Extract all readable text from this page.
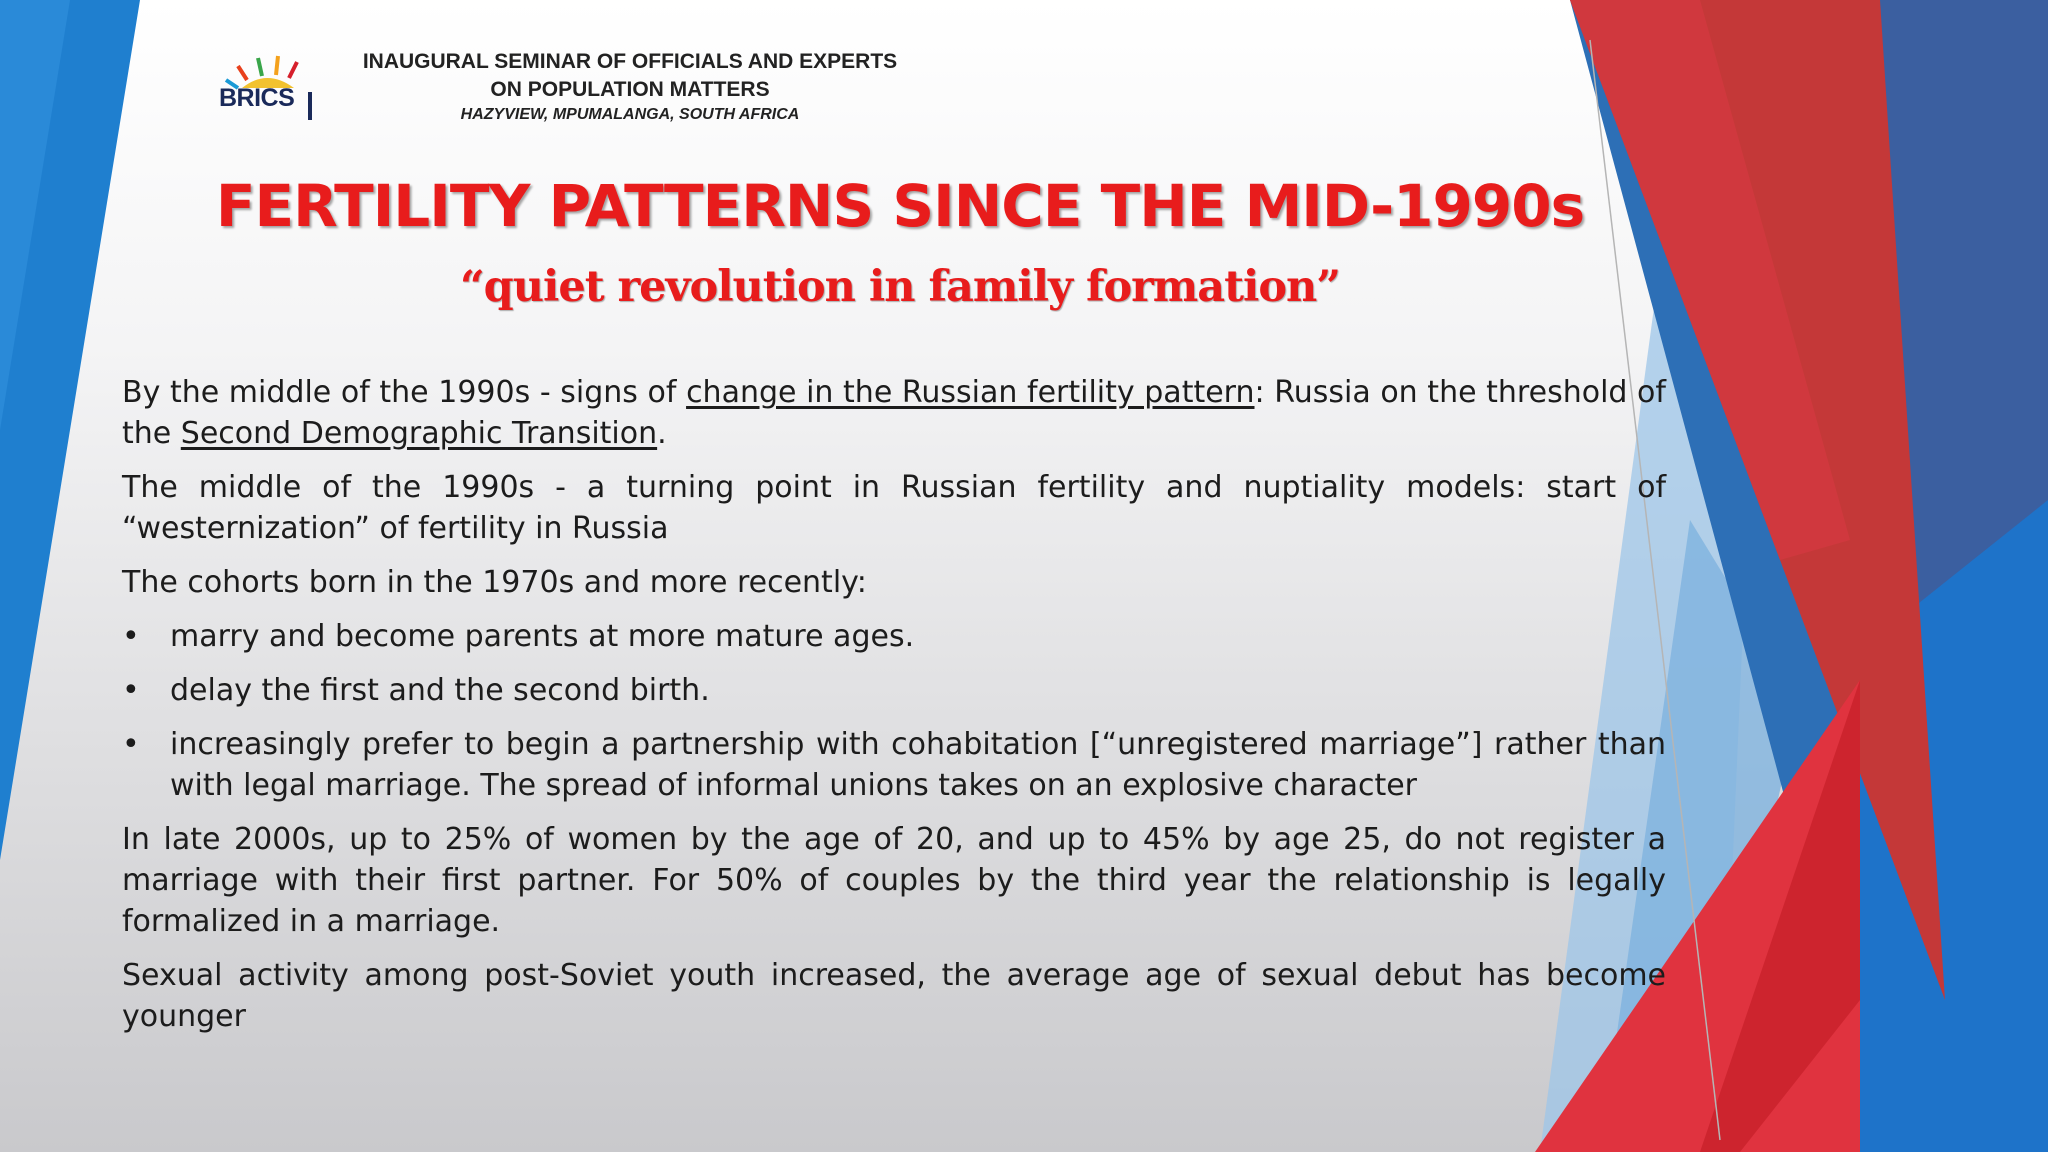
BRICS
INAUGURAL SEMINAR OF OFFICIALS AND EXPERTS
ON POPULATION MATTERS
HAZYVIEW, MPUMALANGA, SOUTH AFRICA
FERTILITY PATTERNS SINCE THE MID-1990s
“quiet revolution in family formation”

By the middle of the 1990s - signs of change in the Russian fertility pattern: Russia on the threshold of the Second Demographic Transition.

The middle of the 1990s - a turning point in Russian fertility and nuptiality models: start of “westernization” of fertility in Russia

The cohorts born in the 1970s and more recently:

• marry and become parents at more mature ages.
• delay the first and the second birth.
• increasingly prefer to begin a partnership with cohabitation [“unregistered marriage”] rather than with legal marriage. The spread of informal unions takes on an explosive character

In late 2000s, up to 25% of women by the age of 20, and up to 45% by age 25, do not register a marriage with their first partner. For 50% of couples by the third year the relationship is legally formalized in a marriage.

Sexual activity among post-Soviet youth increased, the average age of sexual debut has become younger
